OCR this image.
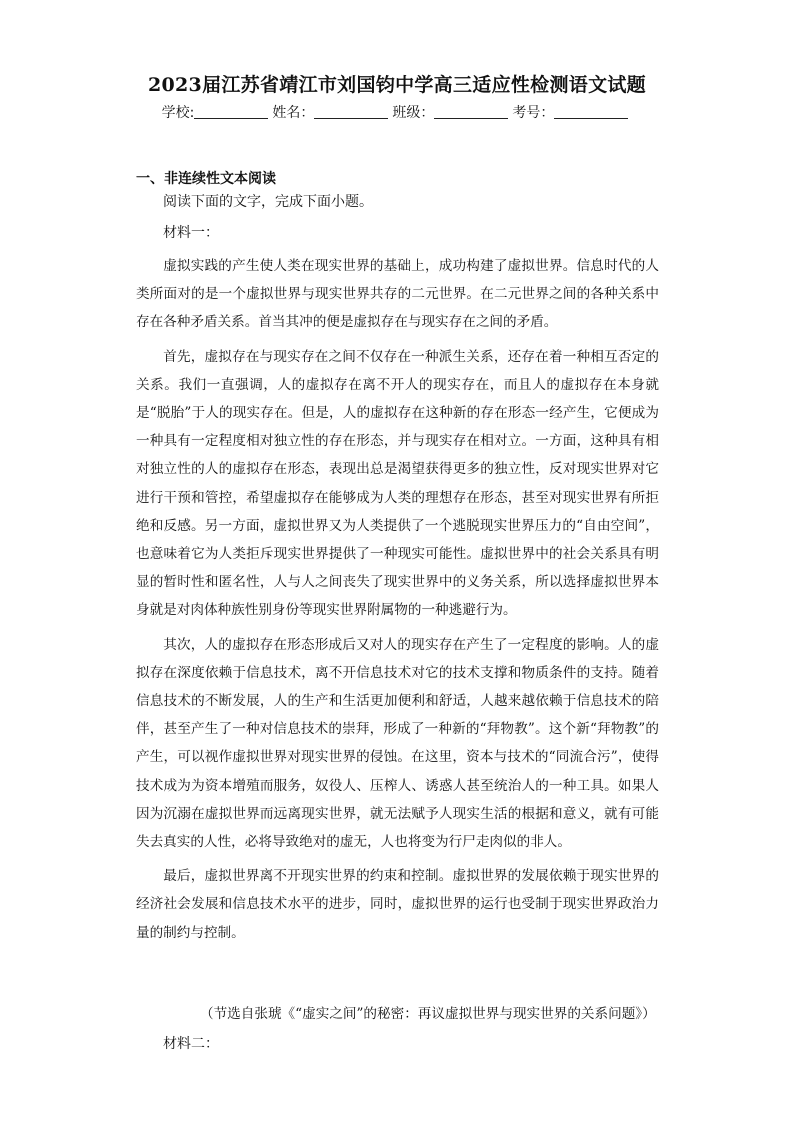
2023届江苏省靖江市刘国钧中学高三适应性检测语文试题
学校:	姓名：	班级：	考号：
一、非连续性文本阅读
阅读下面的文字，完成下面小题。
材料一：

虚拟实践的产生使人类在现实世界的基础上，成功构建了虚拟世界。信息时代的人类所面对的是一个虚拟世界与现实世界共存的二元世界。在二元世界之间的各种关系中存在各种矛盾关系。首当其冲的便是虚拟存在与现实存在之间的矛盾。

首先，虚拟存在与现实存在之间不仅存在一种派生关系，还存在着一种相互否定的关系。我们一直强调，人的虚拟存在离不开人的现实存在，而且人的虚拟存在本身就是“脱胎”于人的现实存在。但是，人的虚拟存在这种新的存在形态一经产生，它便成为一种具有一定程度相对独立性的存在形态，并与现实存在相对立。一方面，这种具有相对独立性的人的虚拟存在形态，表现出总是渴望获得更多的独立性，反对现实世界对它进行干预和管控，希望虚拟存在能够成为人类的理想存在形态，甚至对现实世界有所拒绝和反感。另一方面，虚拟世界又为人类提供了一个逃脱现实世界压力的“自由空间”，也意味着它为人类拒斥现实世界提供了一种现实可能性。虚拟世界中的社会关系具有明显的暂时性和匿名性，人与人之间丧失了现实世界中的义务关系，所以选择虚拟世界本身就是对肉体种族性别身份等现实世界附属物的一种逃避行为。

其次，人的虚拟存在形态形成后又对人的现实存在产生了一定程度的影响。人的虚拟存在深度依赖于信息技术，离不开信息技术对它的技术支撑和物质条件的支持。随着信息技术的不断发展，人的生产和生活更加便利和舒适，人越来越依赖于信息技术的陪伴，甚至产生了一种对信息技术的崇拜，形成了一种新的“拜物教”。这个新“拜物教”的产生，可以视作虚拟世界对现实世界的侵蚀。在这里，资本与技术的“同流合污”，使得技术成为为资本增殖而服务，奴役人、压榨人、诱惑人甚至统治人的一种工具。如果人因为沉溺在虚拟世界而远离现实世界，就无法赋予人现实生活的根据和意义，就有可能失去真实的人性，必将导致绝对的虚无，人也将变为行尸走肉似的非人。

最后，虚拟世界离不开现实世界的约束和控制。虚拟世界的发展依赖于现实世界的经济社会发展和信息技术水平的进步，同时，虚拟世界的运行也受制于现实世界政治力量的制约与控制。

（节选自张琥《“虚实之间”的秘密：再议虚拟世界与现实世界的关系问题》）
材料二：
